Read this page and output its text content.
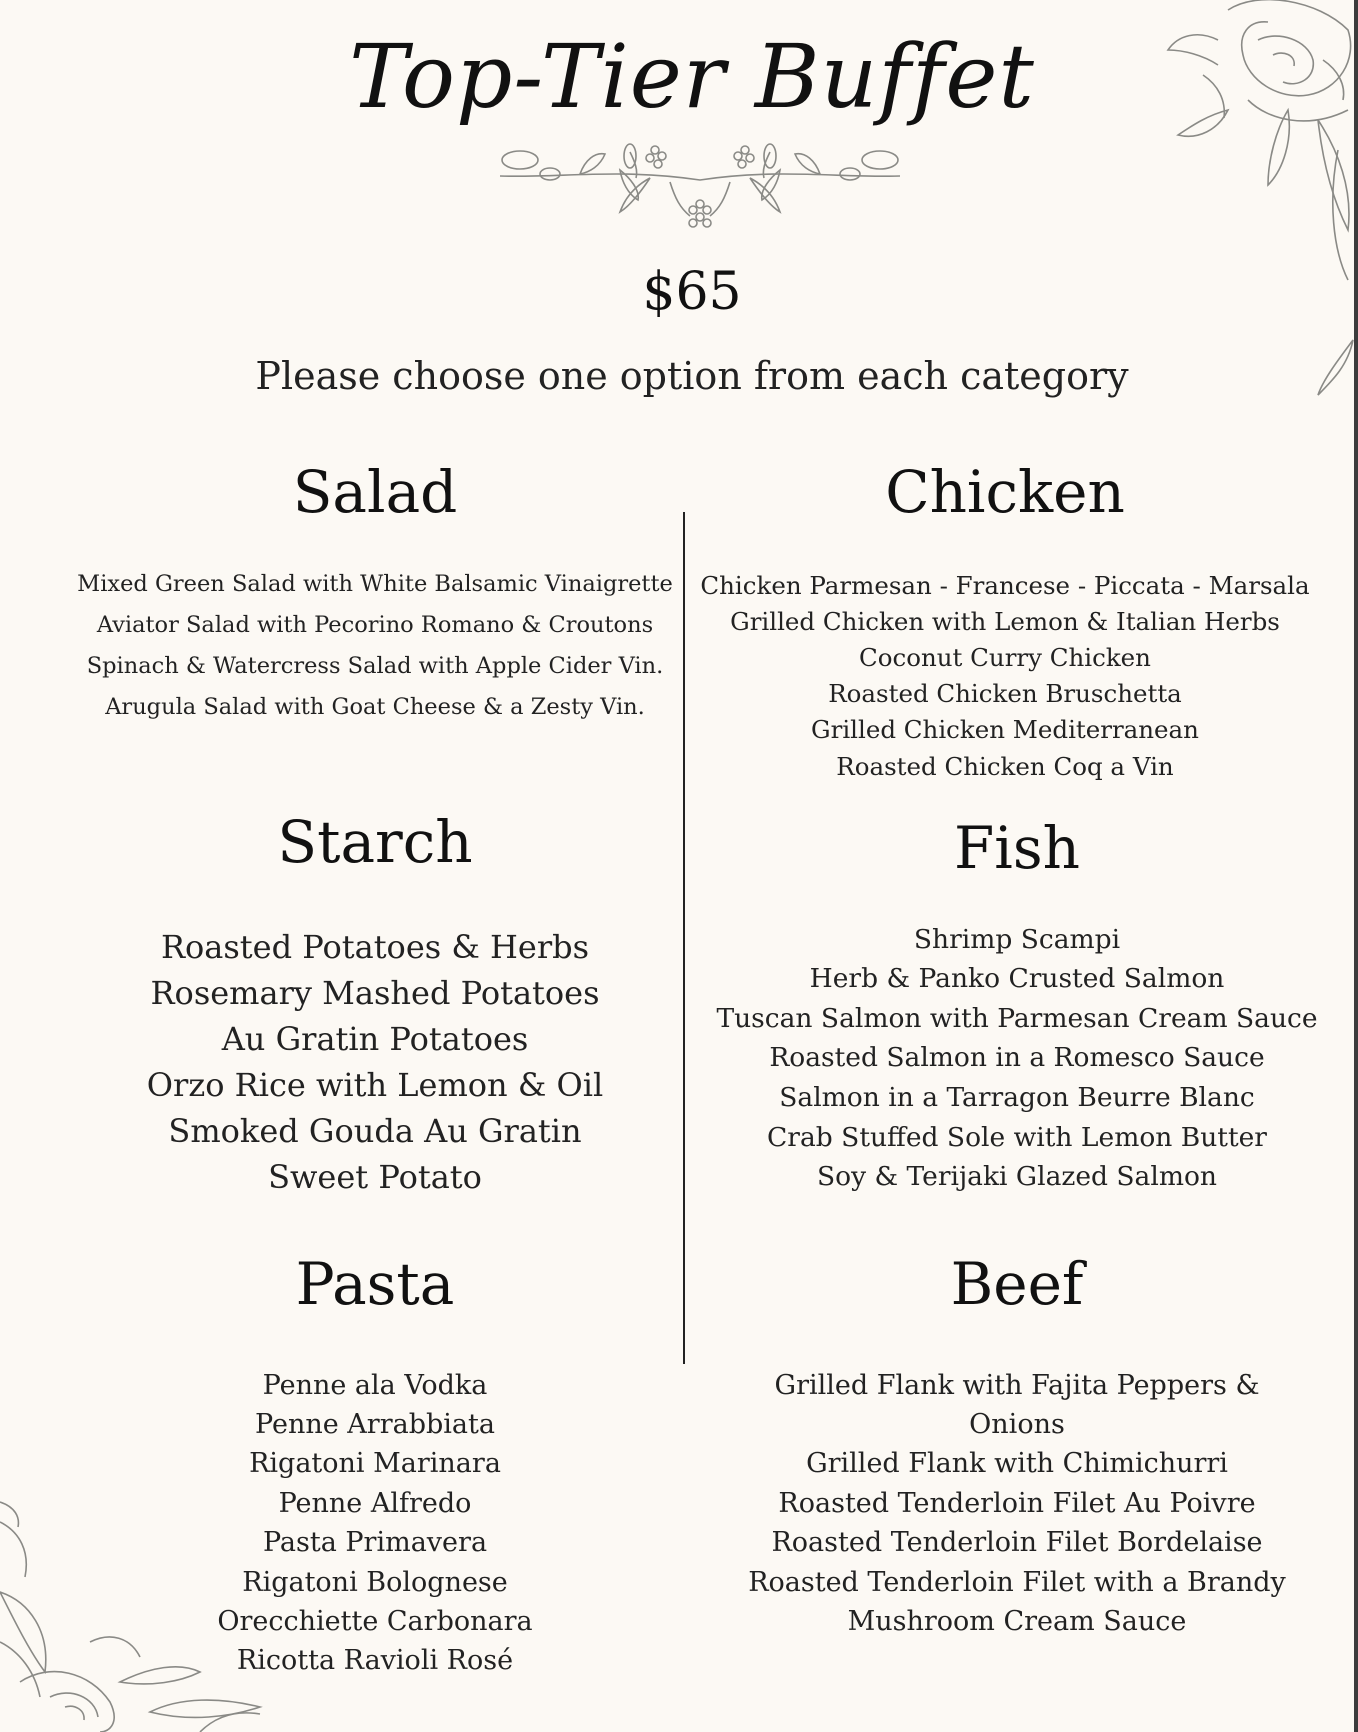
Top-Tier Buffet
$65
Please choose one option from each category
Salad
Mixed Green Salad with White Balsamic Vinaigrette
Aviator Salad with Pecorino Romano & Croutons
Spinach & Watercress Salad with Apple Cider Vin.
Arugula Salad with Goat Cheese & a Zesty Vin.
Starch
Roasted Potatoes & Herbs
Rosemary Mashed Potatoes
Au Gratin Potatoes
Orzo Rice with Lemon & Oil
Smoked Gouda Au Gratin
Sweet Potato
Pasta
Penne ala Vodka
Penne Arrabbiata
Rigatoni Marinara
Penne Alfredo
Pasta Primavera
Rigatoni Bolognese
Orecchiette Carbonara
Ricotta Ravioli Rosé
Chicken
Chicken Parmesan - Francese - Piccata - Marsala
Grilled Chicken with Lemon & Italian Herbs
Coconut Curry Chicken
Roasted Chicken Bruschetta
Grilled Chicken Mediterranean
Roasted Chicken Coq a Vin
Fish
Shrimp Scampi
Herb & Panko Crusted Salmon
Tuscan Salmon with Parmesan Cream Sauce
Roasted Salmon in a Romesco Sauce
Salmon in a Tarragon Beurre Blanc
Crab Stuffed Sole with Lemon Butter
Soy & Terijaki Glazed Salmon
Beef
Grilled Flank with Fajita Peppers &
Onions
Grilled Flank with Chimichurri
Roasted Tenderloin Filet Au Poivre
Roasted Tenderloin Filet Bordelaise
Roasted Tenderloin Filet with a Brandy
Mushroom Cream Sauce
